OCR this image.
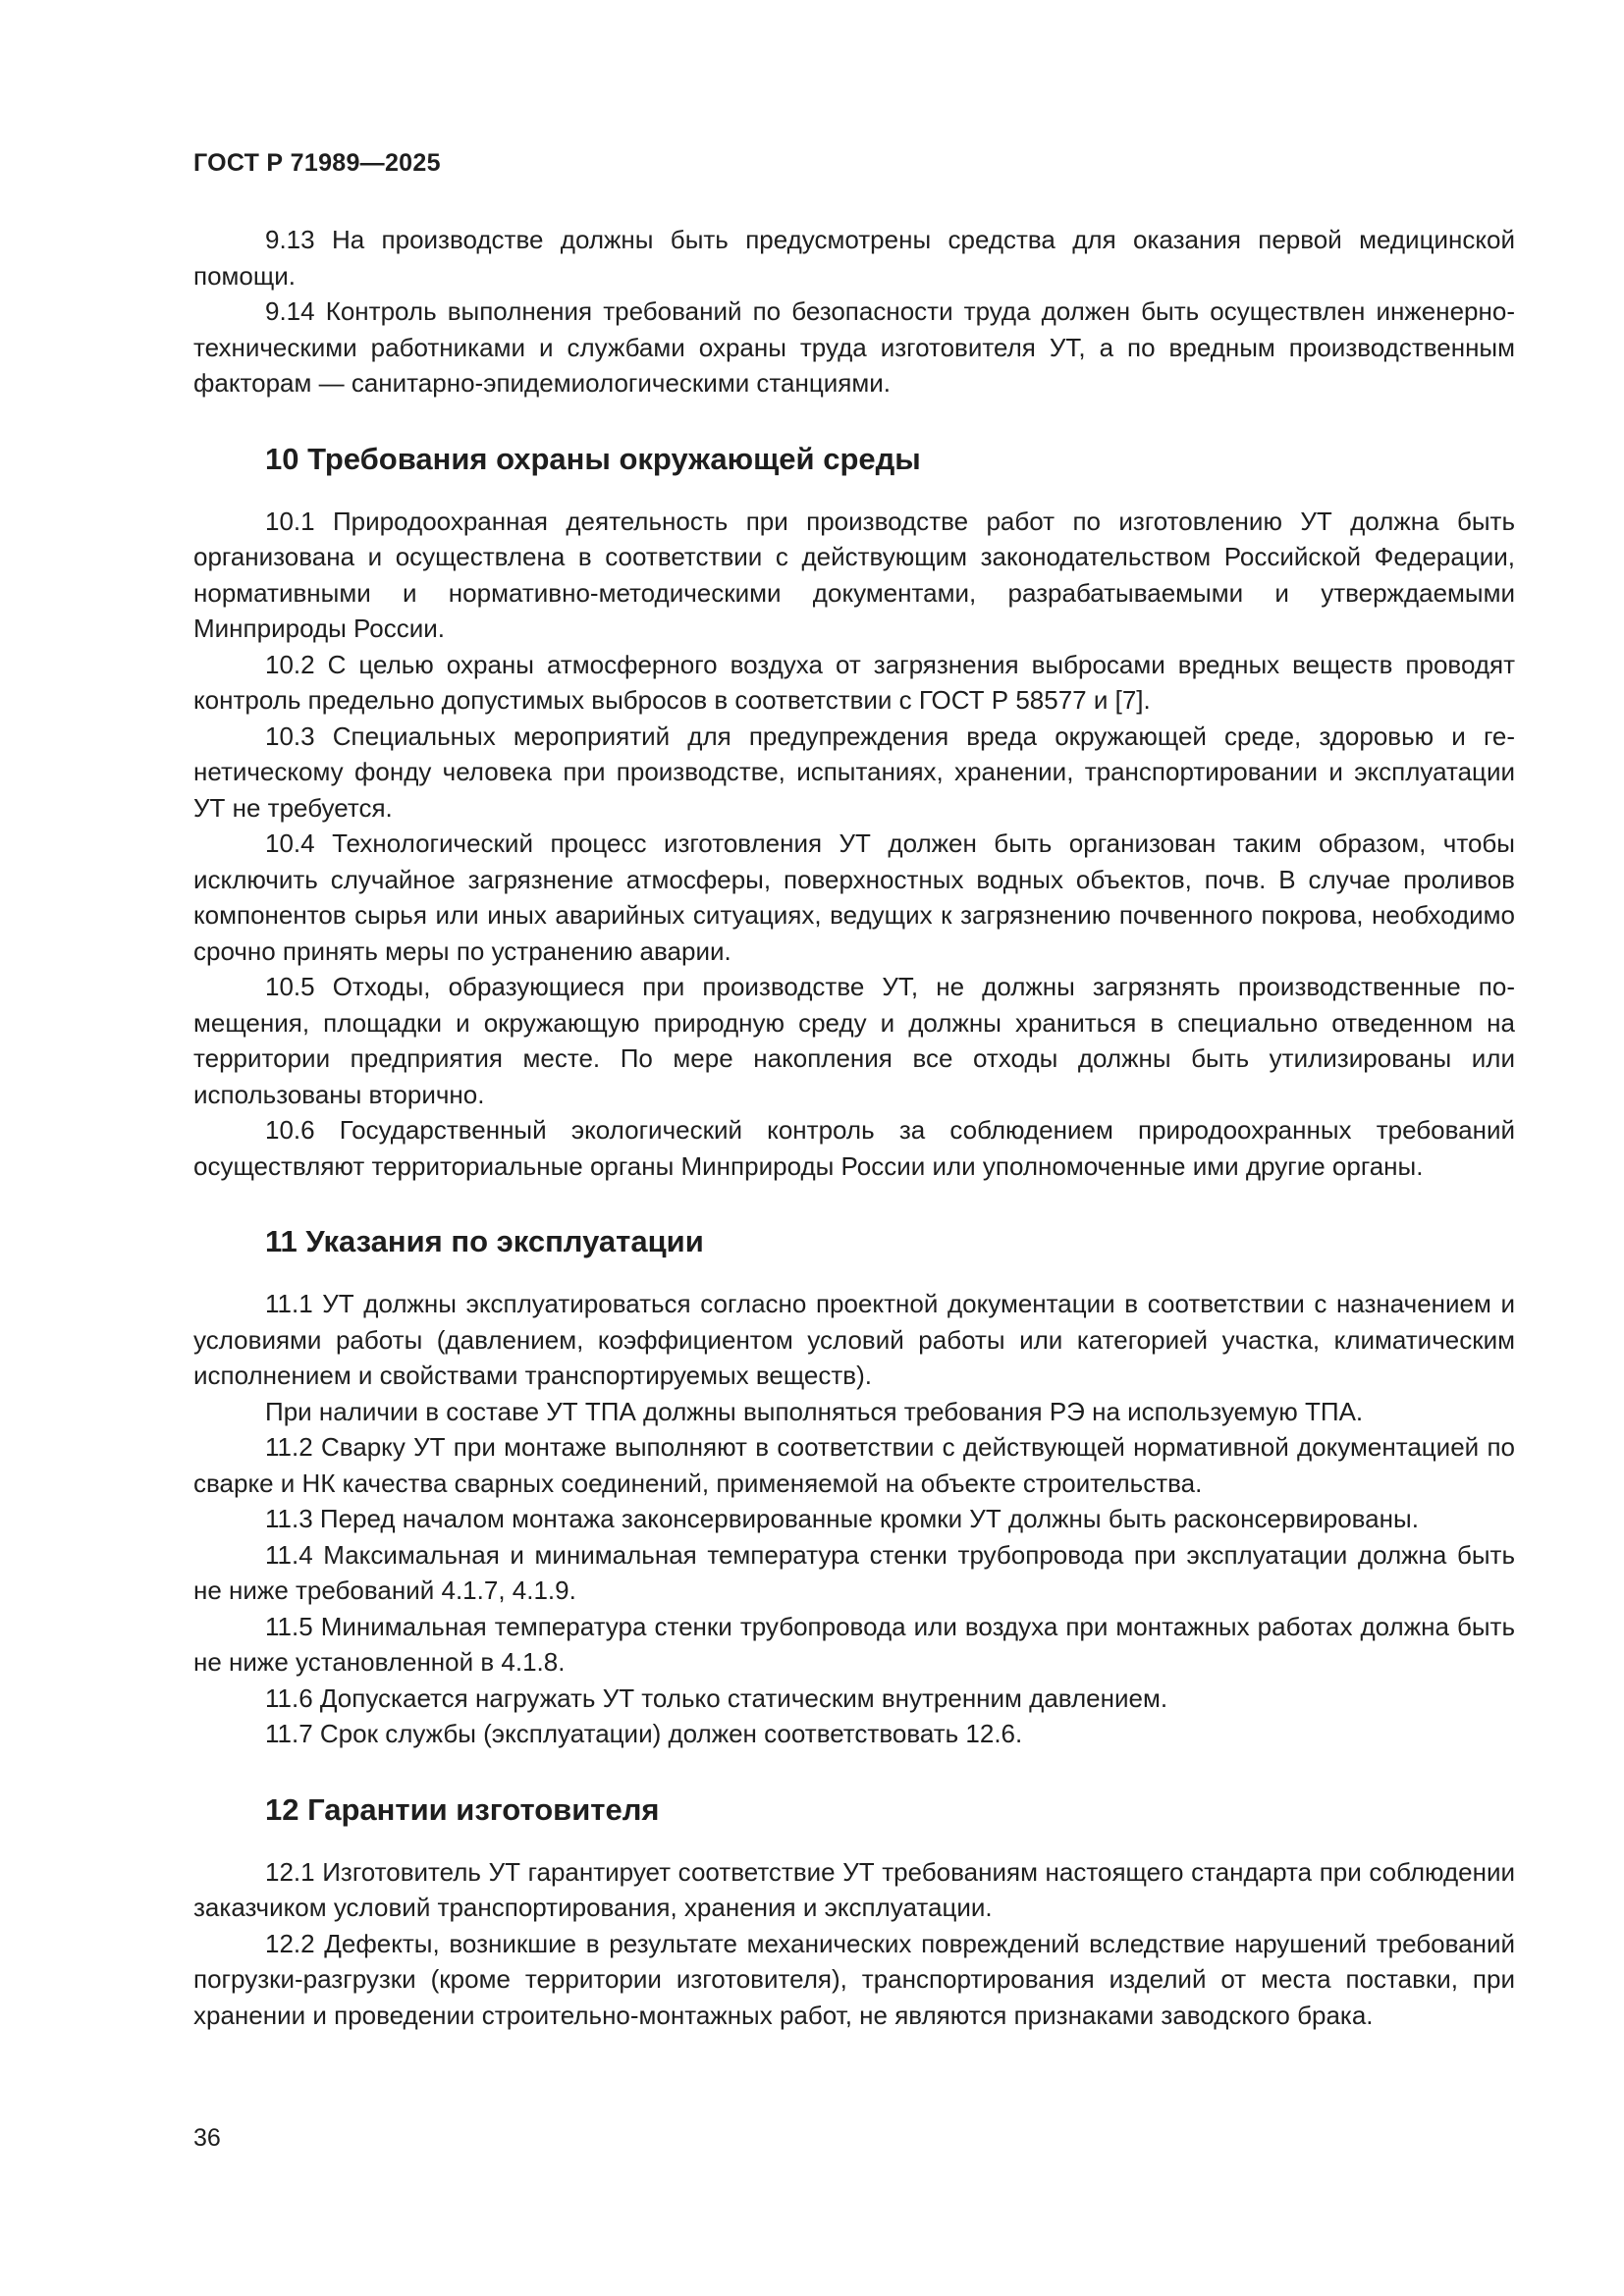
ГОСТ Р 71989—2025

9.13 На производстве должны быть предусмотрены средства для оказания первой медицинской помощи.

9.14 Контроль выполнения требований по безопасности труда должен быть осуществлен инженерно-техническими работниками и службами охраны труда изготовителя УТ, а по вредным производственным факторам — санитарно-эпидемиологическими станциями.

10 Требования охраны окружающей среды

10.1 Природоохранная деятельность при производстве работ по изготовлению УТ должна быть организована и осуществлена в соответствии с действующим законодательством Российской Федерации, нормативными и нормативно-методическими документами, разрабатываемыми и утверждаемыми Минприроды России.

10.2 С целью охраны атмосферного воздуха от загрязнения выбросами вредных веществ проводят контроль предельно допустимых выбросов в соответствии с ГОСТ Р 58577 и [7].

10.3 Специальных мероприятий для предупреждения вреда окружающей среде, здоровью и генетическому фонду человека при производстве, испытаниях, хранении, транспортировании и эксплуатации УТ не требуется.

10.4 Технологический процесс изготовления УТ должен быть организован таким образом, чтобы исключить случайное загрязнение атмосферы, поверхностных водных объектов, почв. В случае проливов компонентов сырья или иных аварийных ситуациях, ведущих к загрязнению почвенного покрова, необходимо срочно принять меры по устранению аварии.

10.5 Отходы, образующиеся при производстве УТ, не должны загрязнять производственные помещения, площадки и окружающую природную среду и должны храниться в специально отведенном на территории предприятия месте. По мере накопления все отходы должны быть утилизированы или использованы вторично.

10.6 Государственный экологический контроль за соблюдением природоохранных требований осуществляют территориальные органы Минприроды России или уполномоченные ими другие органы.

11 Указания по эксплуатации

11.1 УТ должны эксплуатироваться согласно проектной документации в соответствии с назначением и условиями работы (давлением, коэффициентом условий работы или категорией участка, климатическим исполнением и свойствами транспортируемых веществ).

При наличии в составе УТ ТПА должны выполняться требования РЭ на используемую ТПА.

11.2 Сварку УТ при монтаже выполняют в соответствии с действующей нормативной документацией по сварке и НК качества сварных соединений, применяемой на объекте строительства.

11.3 Перед началом монтажа законсервированные кромки УТ должны быть расконсервированы.

11.4 Максимальная и минимальная температура стенки трубопровода при эксплуатации должна быть не ниже требований 4.1.7, 4.1.9.

11.5 Минимальная температура стенки трубопровода или воздуха при монтажных работах должна быть не ниже установленной в 4.1.8.

11.6 Допускается нагружать УТ только статическим внутренним давлением.

11.7 Срок службы (эксплуатации) должен соответствовать 12.6.

12 Гарантии изготовителя

12.1 Изготовитель УТ гарантирует соответствие УТ требованиям настоящего стандарта при соблюдении заказчиком условий транспортирования, хранения и эксплуатации.

12.2 Дефекты, возникшие в результате механических повреждений вследствие нарушений требований погрузки-разгрузки (кроме территории изготовителя), транспортирования изделий от места поставки, при хранении и проведении строительно-монтажных работ, не являются признаками заводского брака.

36
